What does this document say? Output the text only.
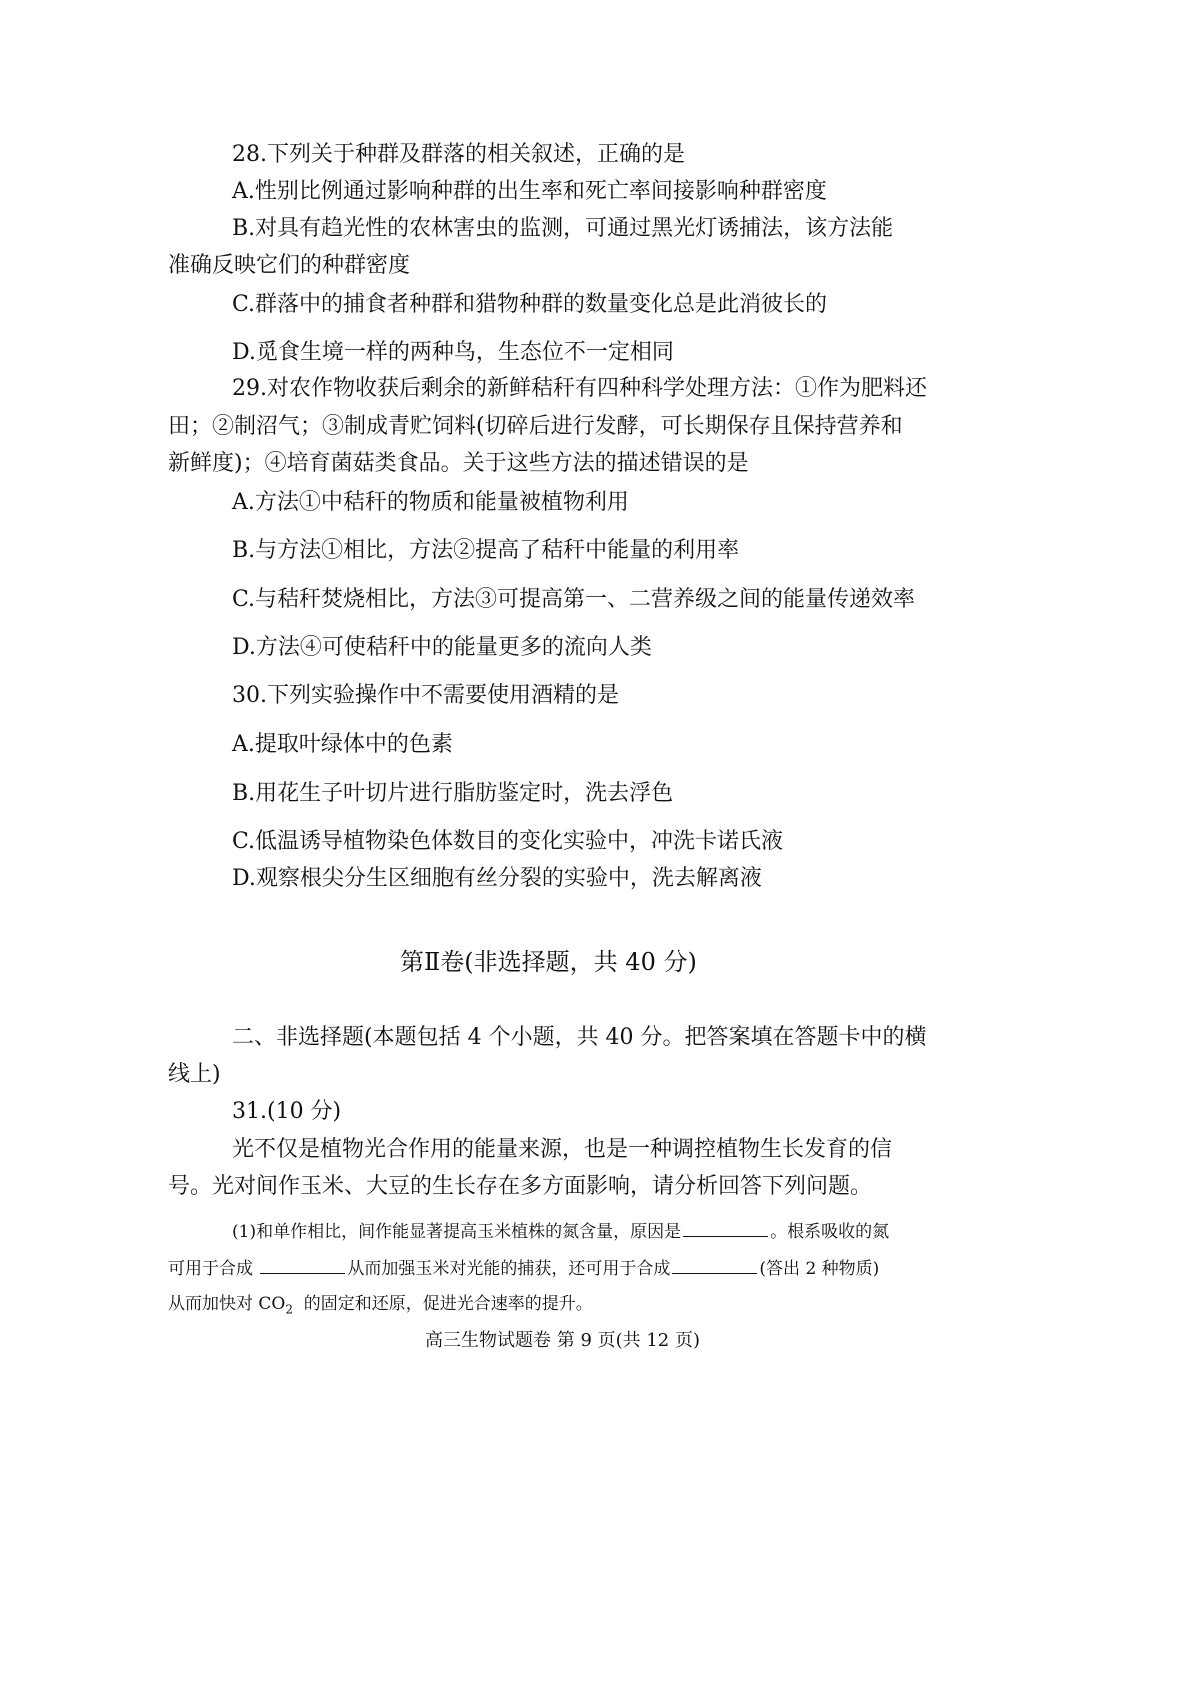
28.下列关于种群及群落的相关叙述，正确的是
A.性别比例通过影响种群的出生率和死亡率间接影响种群密度
B.对具有趋光性的农林害虫的监测，可通过黑光灯诱捕法，该方法能
准确反映它们的种群密度
C.群落中的捕食者种群和猎物种群的数量变化总是此消彼长的
D.觅食生境一样的两种鸟，生态位不一定相同
29.对农作物收获后剩余的新鲜秸秆有四种科学处理方法：①作为肥料还
田；②制沼气；③制成青贮饲料(切碎后进行发酵，可长期保存且保持营养和
新鲜度)；④培育菌菇类食品。关于这些方法的描述错误的是
A.方法①中秸秆的物质和能量被植物利用
B.与方法①相比，方法②提高了秸秆中能量的利用率
C.与秸秆焚烧相比，方法③可提高第一、二营养级之间的能量传递效率
D.方法④可使秸秆中的能量更多的流向人类
30.下列实验操作中不需要使用酒精的是
A.提取叶绿体中的色素
B.用花生子叶切片进行脂肪鉴定时，洗去浮色
C.低温诱导植物染色体数目的变化实验中，冲洗卡诺氏液
D.观察根尖分生区细胞有丝分裂的实验中，洗去解离液
第Ⅱ卷(非选择题，共 40 分)
二、非选择题(本题包括 4 个小题，共 40 分。把答案填在答题卡中的横
线上)
31.(10 分)
光不仅是植物光合作用的能量来源，也是一种调控植物生长发育的信
号。光对间作玉米、大豆的生长存在多方面影响，请分析回答下列问题。
(1)和单作相比，间作能显著提高玉米植株的氮含量，原因是	。根系吸收的氮
可用于合成	从而加强玉米对光能的捕获，还可用于合成	(答出 2 种物质)
从而加快对 $CO_2$  的固定和还原，促进光合速率的提升。
高三生物试题卷 第 9 页(共 12 页)
